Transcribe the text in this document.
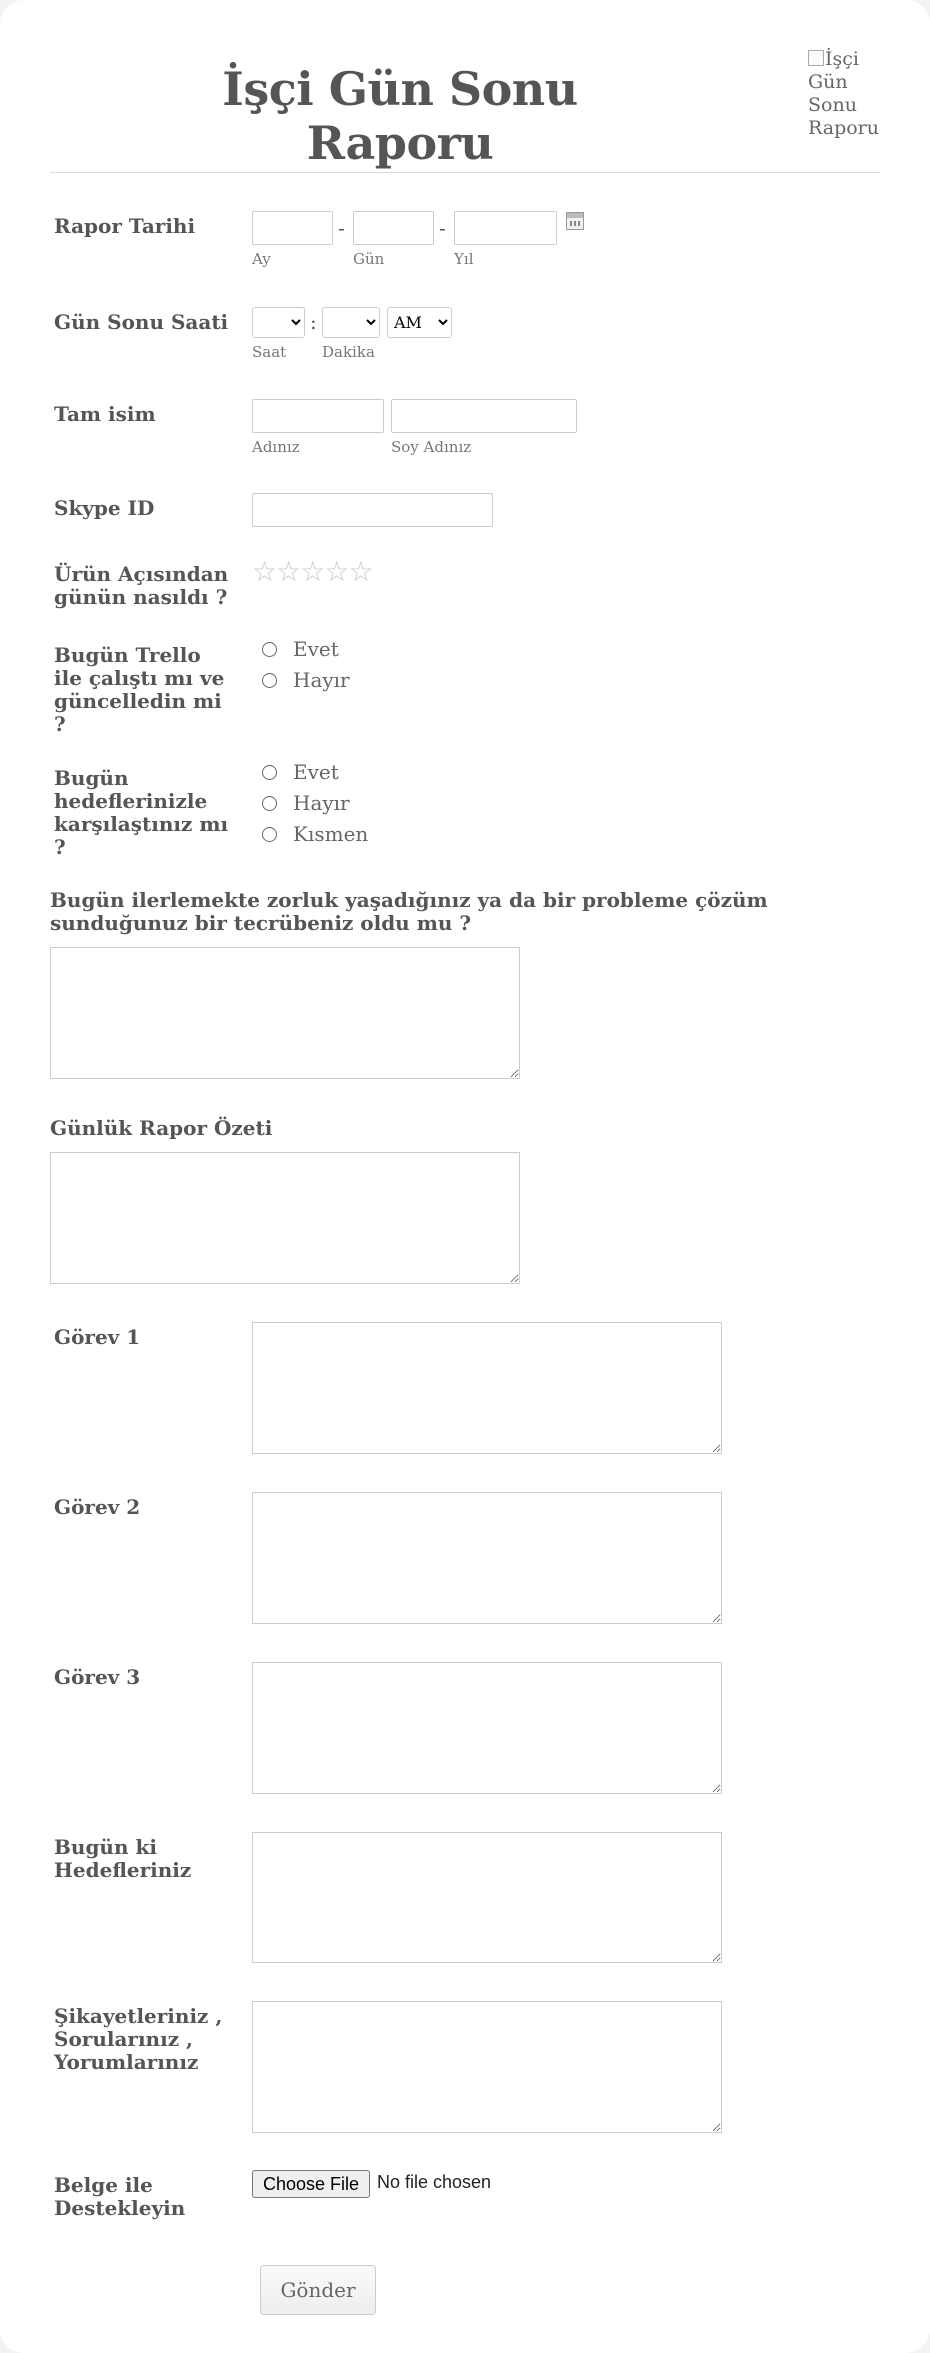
İşçi Gün Sonu Raporu
İşçi Gün Sonu Raporu
Rapor Tarihi	-	-
Ay	Gün	Yıl
Gün Sonu Saati	:
AM
Saat Dakika
Tam isim
Adınız	Soy Adınız
Skype ID
Ürün Açısından günün nasıldı ?
☆☆☆☆☆
Bugün Trello ile çalıştı mı ve güncelledin mi ?
Evet
Hayır
Bugün hedeflerinizle karşılaştınız mı ?
Evet
Hayır
Kısmen
Bugün ilerlemekte zorluk yaşadığınız ya da bir probleme çözüm sunduğunuz bir tecrübeniz oldu mu ?
Günlük Rapor Özeti
Görev 1
Görev 2
Görev 3
Bugün ki Hedefleriniz
Şikayetleriniz , Sorularınız , Yorumlarınız
Belge ile Destekleyin
Choose File No file chosen
Gönder
